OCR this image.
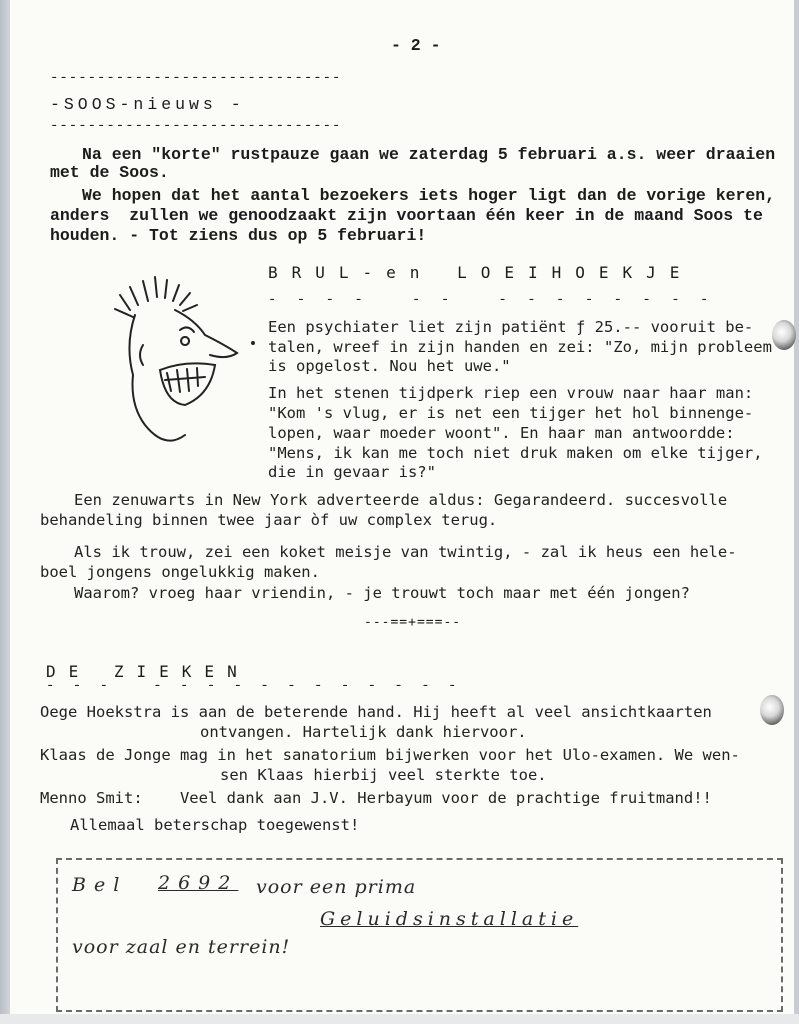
- 2 -
-------------------------------
-SOOS-nieuws -
-------------------------------
Na een "korte" rustpauze gaan we zaterdag 5 februari a.s. weer draaien
met de Soos.
We hopen dat het aantal bezoekers iets hoger ligt dan de vorige keren,
anders  zullen we genoodzaakt zijn voortaan één keer in de maand Soos te
houden. - Tot ziens dus op 5 februari!
BRUL-en LOEIHOEKJE
- - - -   - -   - - - - - - - -
Een psychiater liet zijn patiënt ƒ 25.-- vooruit be-
talen, wreef in zijn handen en zei: "Zo, mijn probleem
is opgelost. Nou het uwe."
In het stenen tijdperk riep een vrouw naar haar man:
"Kom 's vlug, er is net een tijger het hol binnenge-
lopen, waar moeder woont". En haar man antwoordde:
"Mens, ik kan me toch niet druk maken om elke tijger,
die in gevaar is?"
Een zenuwarts in New York adverteerde aldus: Gegarandeerd. succesvolle
behandeling binnen twee jaar òf uw complex terug.
Als ik trouw, zei een koket meisje van twintig, - zal ik heus een hele-
boel jongens ongelukkig maken.
Waarom? vroeg haar vriendin, - je trouwt toch maar met één jongen?
---==+===--
DE ZIEKEN
- - -   - - - - - - - - - - - -
Oege Hoekstra is aan de beterende hand. Hij heeft al veel ansichtkaarten
ontvangen. Hartelijk dank hiervoor.
Klaas de Jonge mag in het sanatorium bijwerken voor het Ulo-examen. We wen-
sen Klaas hierbij veel sterkte toe.
Menno Smit:    Veel dank aan J.V. Herbayum voor de prachtige fruitmand!!
Allemaal beterschap toegewenst!
Bel 2692 voor een prima
Geluidsinstallatie
voor zaal en terrein!
